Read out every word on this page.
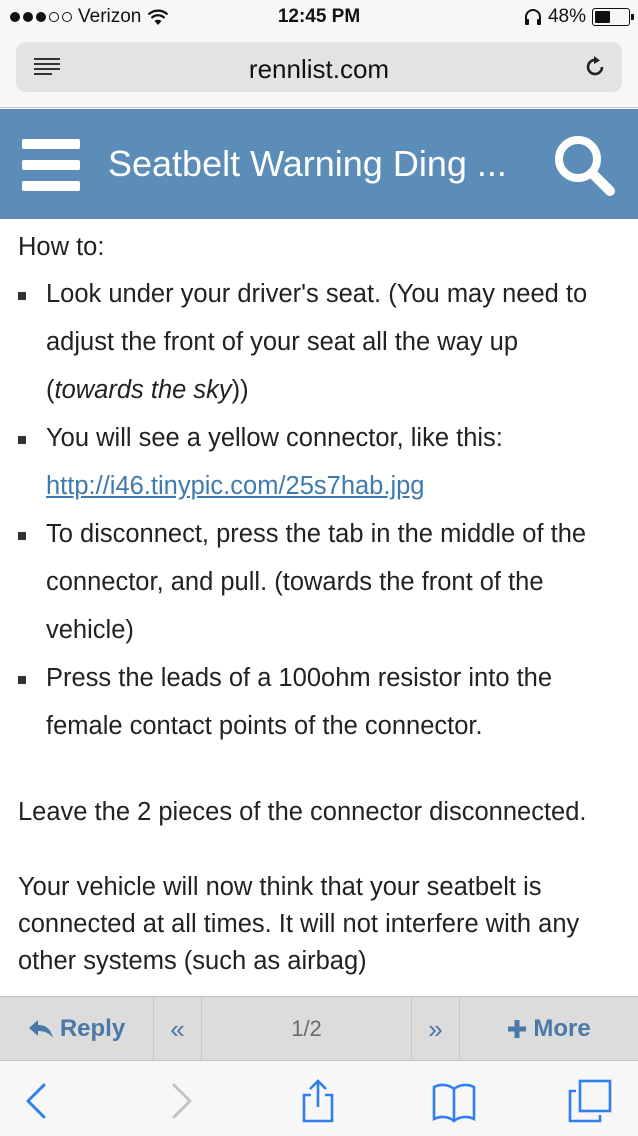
Verizon	12:45 PM	48%
rennlist.com
Seatbelt Warning Ding ...
How to:
Look under your driver's seat. (You may need to adjust the front of your seat all the way up (towards the sky))
You will see a yellow connector, like this:
http://i46.tinypic.com/25s7hab.jpg
To disconnect, press the tab in the middle of the connector, and pull. (towards the front of the vehicle)
Press the leads of a 100ohm resistor into the female contact points of the connector.

Leave the 2 pieces of the connector disconnected.

Your vehicle will now think that your seatbelt is connected at all times. It will not interfere with any other systems (such as airbag)

Reply	«	1/2	»	More
